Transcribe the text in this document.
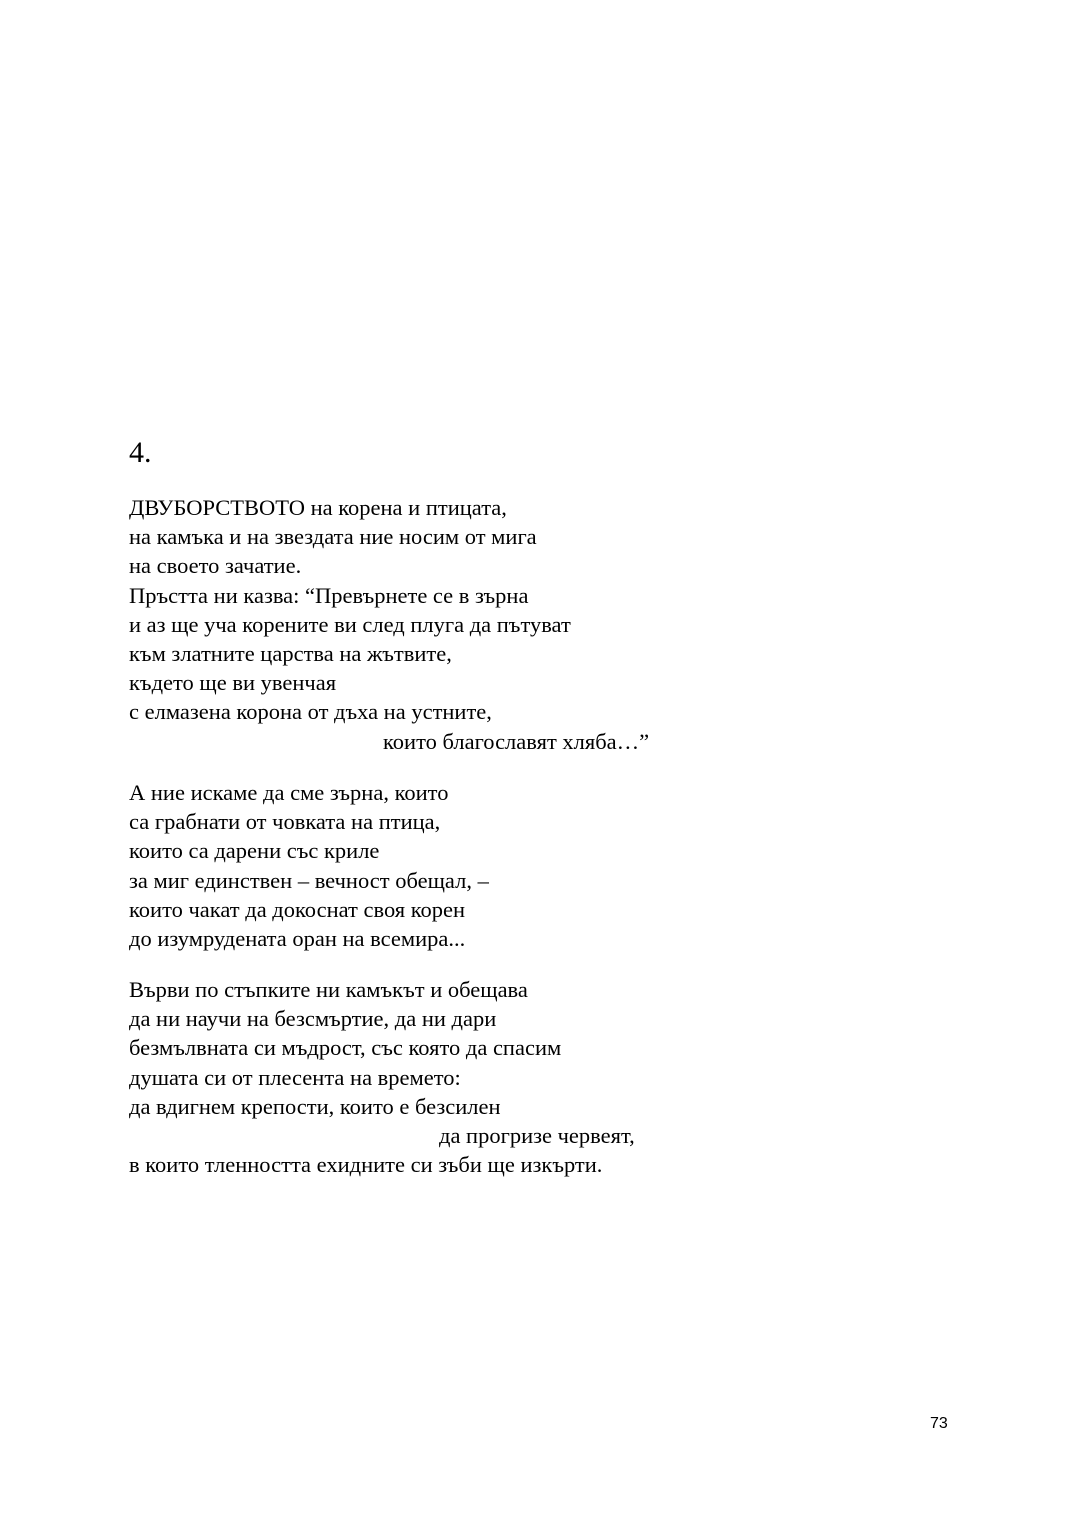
4.
ДВУБОРСТВОТО на корена и птицата,
на камъка и на звездата ние носим от мига
на своето зачатие.
Пръстта ни казва: “Превърнете се в зърна
и аз ще уча корените ви след плуга да пътуват
към златните царства на жътвите,
където ще ви увенчая
с елмазена корона от дъха на устните,
които благославят хляба…”
А ние искаме да сме зърна, които
са грабнати от човката на птица,
които са дарени със криле
за миг единствен – вечност обещал, –
които чакат да докоснат своя корен
до изумрудената оран на всемира...
Върви по стъпките ни камъкът и обещава
да ни научи на безсмъртие, да ни дари
безмълвната си мъдрост, със която да спасим
душата си от плесента на времето:
да вдигнем крепости, които е безсилен
да прогризе червеят,
в които тленността ехидните си зъби ще изкърти.
73
